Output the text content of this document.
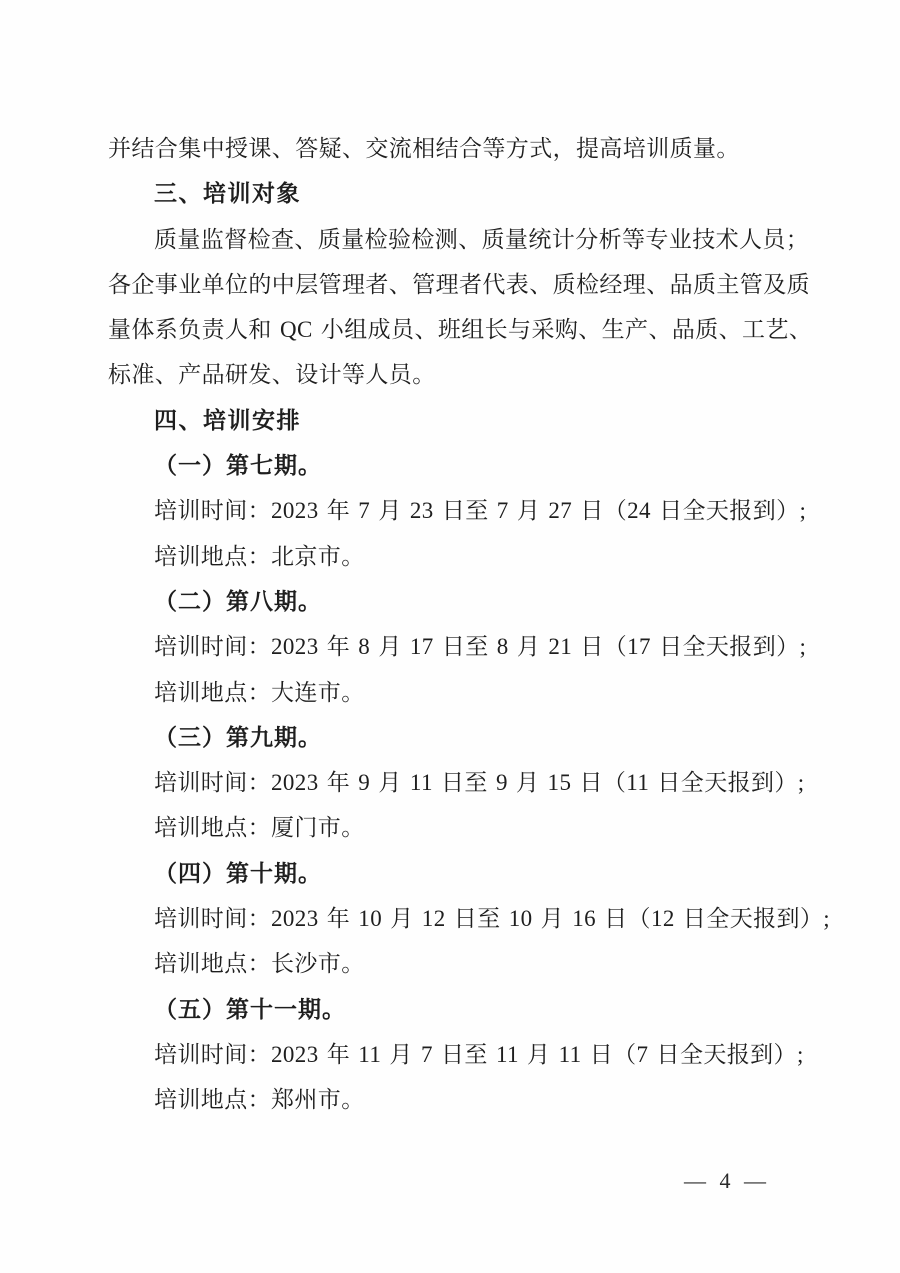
并结合集中授课、答疑、交流相结合等方式，提高培训质量。
三、培训对象
质量监督检查、质量检验检测、质量统计分析等专业技术人员；
各企事业单位的中层管理者、管理者代表、质检经理、品质主管及质
量体系负责人和 QC 小组成员、班组长与采购、生产、品质、工艺、
标准、产品研发、设计等人员。
四、培训安排
（一）第七期。
培训时间：2023 年 7 月 23 日至 7 月 27 日（24 日全天报到）;
培训地点：北京市。
（二）第八期。
培训时间：2023 年 8 月 17 日至 8 月 21 日（17 日全天报到）;
培训地点：大连市。
（三）第九期。
培训时间：2023 年 9 月 11 日至 9 月 15 日（11 日全天报到）;
培训地点：厦门市。
（四）第十期。
培训时间：2023 年 10 月 12 日至 10 月 16 日（12 日全天报到）;
培训地点：长沙市。
（五）第十一期。
培训时间：2023 年 11 月 7 日至 11 月 11 日（7 日全天报到）;
培训地点：郑州市。
— 4 —
